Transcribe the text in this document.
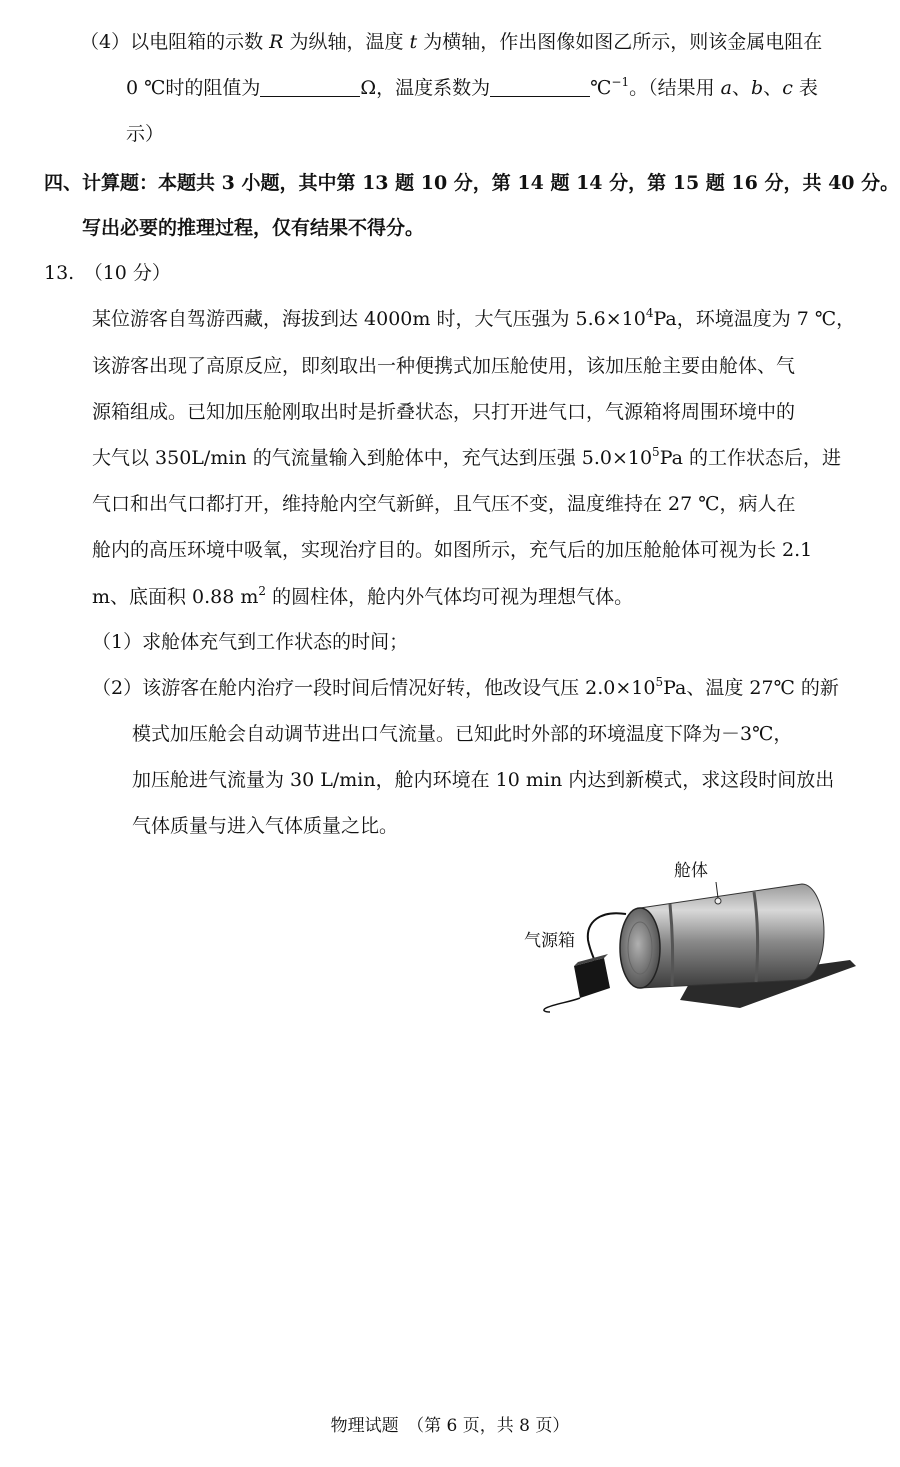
（4）以电阻箱的示数 R 为纵轴，温度 t 为横轴，作出图像如图乙所示，则该金属电阻在
0 ℃时的阻值为	Ω，温度系数为	℃$^{-1}$。（结果用 a、b、c 表
示）
四、计算题：本题共 3 小题，其中第 13 题 10 分，第 14 题 14 分，第 15 题 16 分，共 40 分。
写出必要的推理过程，仅有结果不得分。
13.　（10 分）
某位游客自驾游西藏，海拔到达 4000m 时，大气压强为 $5.6\times 10^4Pa$，环境温度为 7 ℃，
该游客出现了高原反应，即刻取出一种便携式加压舱使用，该加压舱主要由舱体、气
源箱组成。已知加压舱刚取出时是折叠状态，只打开进气口，气源箱将周围环境中的
大气以 350L/min 的气流量输入到舱体中，充气达到压强 $5.0\times 10^5Pa$ 的工作状态后，进
气口和出气口都打开，维持舱内空气新鲜，且气压不变，温度维持在 27 ℃，病人在
舱内的高压环境中吸氧，实现治疗目的。如图所示，充气后的加压舱舱体可视为长 2.1
m、底面积 0.88 $m^2$ 的圆柱体，舱内外气体均可视为理想气体。
（1）求舱体充气到工作状态的时间；
（2）该游客在舱内治疗一段时间后情况好转，他改设气压 $2.0\times 10^5Pa$、温度 27℃ 的新
模式加压舱会自动调节进出口气流量。已知此时外部的环境温度下降为－3℃，
加压舱进气流量为 30 L/min，舱内环境在 10 min 内达到新模式，求这段时间放出
气体质量与进入气体质量之比。
舱体
气源箱
物理试题　（第 6 页，共 8 页）
